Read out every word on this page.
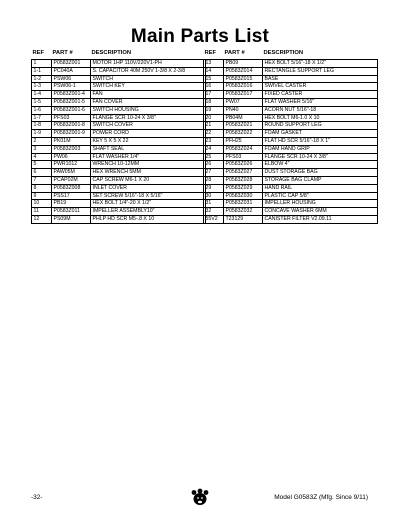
Main Parts List
REF	PART #	DESCRIPTION
1	P0583Z001	MOTOR 1HP 110V/220V1-PH
1-1	PC040A	S. CAPACITOR 40M 250V 1-3/8 X 2-3/8
1-2	PSW06	SWITCH
1-3	PSW06-1	SWITCH KEY
1-4	P0583Z001-4	FAN
1-5	P0583Z001-5	FAN COVER
1-6	P0583Z001-6	SWITCH HOUSING
1-7	PFS03	FLANGE SCR 10-24 X 3/8"
1-8	P0583Z001-8	SWITCH COVER
1-9	P0583Z001-9	POWER CORD
2	PK01M	KEY 5 X 5 X 22
3	P0583Z003	SHAFT SEAL
4	PW06	FLAT WASHER 1/4"
5	PWR1012	WRENCH 10-12MM
6	PAW05M	HEX WRENCH 5MM
7	PCAP02M	CAP SCREW M6-1 X 20
8	P0583Z008	INLET COVER
9	PSS17	SET SCREW 5/16"-18 X 5/16"
10	PB19	HEX BOLT 1/4"-20 X 1/2"
11	P0583Z011	IMPELLER ASSEMBLY10"
12	PS09M	PHLP HD SCR M5-.8 X 10
REF	PART #	DESCRIPTION
13	PB09	HEX BOLT 5/16"-18 X 1/2"
14	P0583Z014	RECTANGLE SUPPORT LEG
15	P0583Z015	BASE
16	P0583Z016	SWIVEL CASTER
17	P0583Z017	FIXED CASTER
18	PW07	FLAT WASHER 5/16"
19	PN40	ACORN NUT 5/16"-18
20	PB04M	HEX BOLT M6-1.0 X 10
21	P0583Z021	ROUND SUPPORT LEG
22	P0583Z022	FOAM GASKET
23	PFH25	FLAT HD SCR 5/16"-18 X 1"
24	P0583Z024	FOAM HAND GRIP
25	PFS03	FLANGE SCR 10-24 X 3/8"
26	P0583Z026	ELBOW 4"
27	P0583Z027	DUST STORAGE BAG
28	P0583Z028	STORAGE BAG CLAMP
29	P0583Z029	HAND RAIL
30	P0583Z030	PLASTIC CAP 5/8"
31	P0583Z031	IMPELLER HOUSING
32	P0583Z032	CONCAVE WASHER 6MM
55V2	T23129	CANISTER FILTER V2.09.11
-32-	Model G0583Z (Mfg. Since 9/11)
